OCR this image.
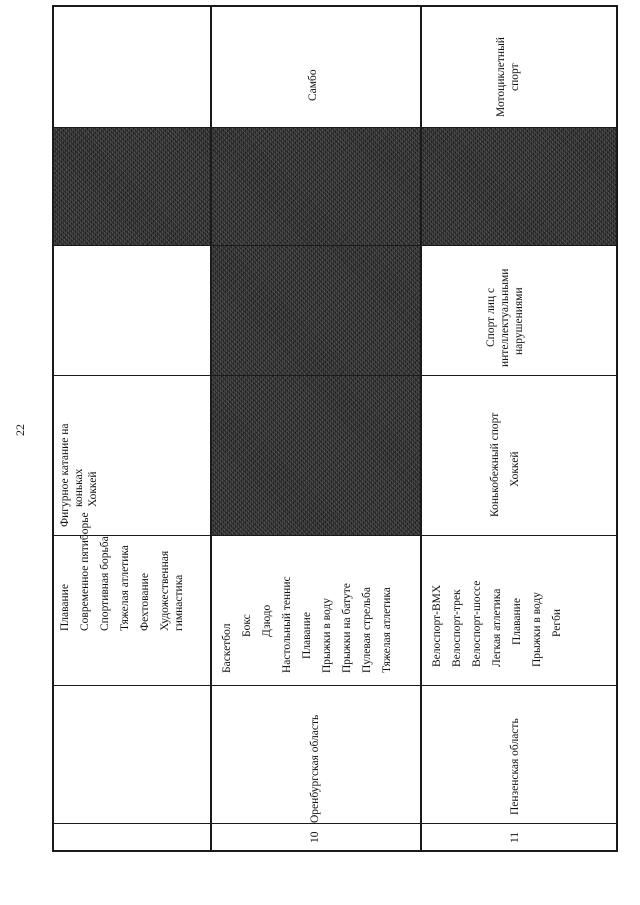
22
Плавание Современное пятиборье Спортивная борьба Тяжелая атлетика Фехтование Художественная гимнастика
Фигурное катание на коньках Хоккей
10
Оренбургская область
Баскетбол Бокс Дзюдо Настольный теннис Плавание Прыжки в воду Прыжки на батуте Пулевая стрельба Тяжелая атлетика
Самбо
11
Пензенская область
Велоспорт-BMX Велоспорт-трек Велоспорт-шоссе Легкая атлетика Плавание Прыжки в воду Регби
Конькобежный спорт Хоккей
Спорт лиц с интеллектуальными нарушениями
Мотоциклетный спорт
